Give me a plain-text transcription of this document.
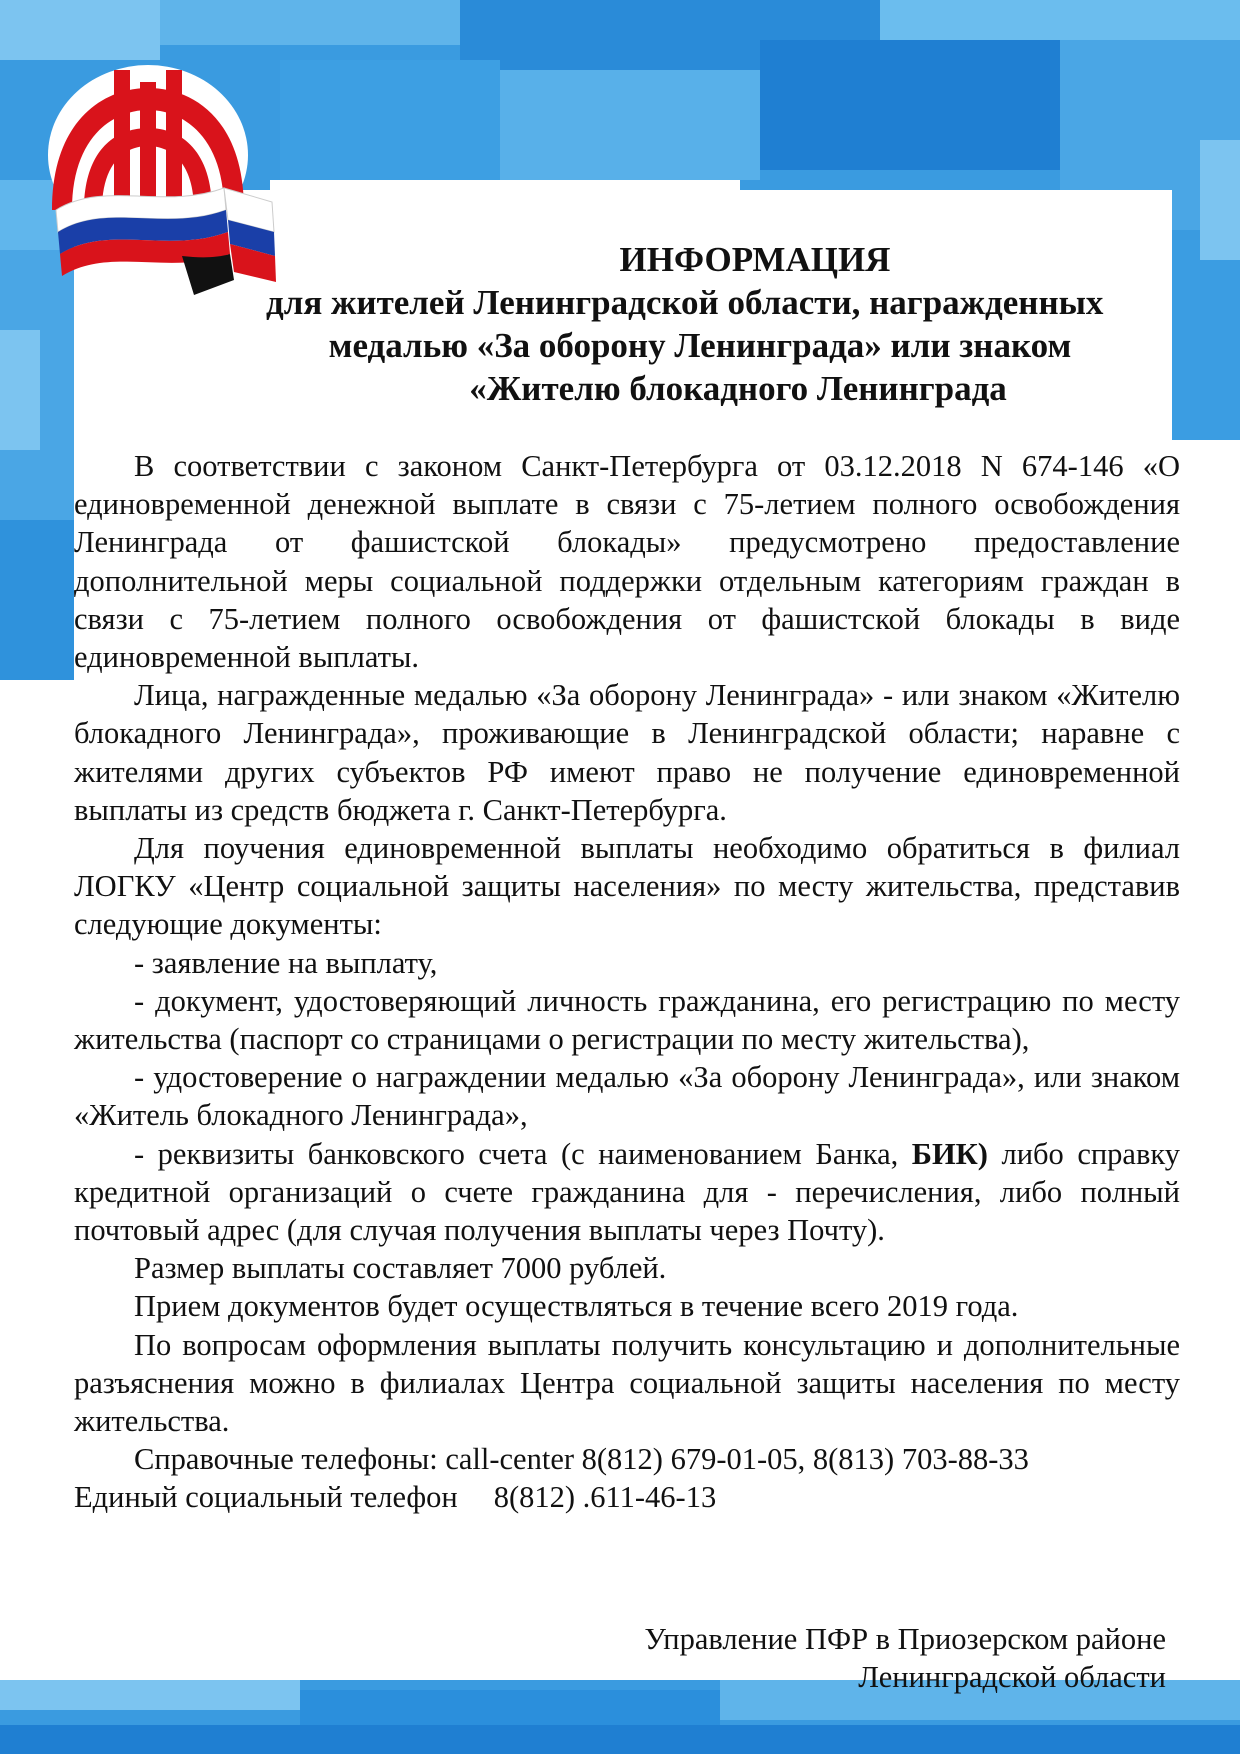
ИНФОРМАЦИЯ
для жителей Ленинградской области, награжденных
медалью «За оборону Ленинграда» или знаком
«Жителю блокадного Ленинграда

В соответствии с законом Санкт-Петербурга от 03.12.2018 N 674-146 «О единовременной денежной выплате в связи с 75-летием полного освобождения Ленинграда от фашистской блокады» предусмотрено предоставление дополнительной меры социальной поддержки отдельным категориям граждан в связи с 75-летием полного освобождения от фашистской блокады в виде единовременной выплаты.

Лица, награжденные медалью «За оборону Ленинграда» - или знаком «Жителю блокадного Ленинграда», проживающие в Ленинградской области; наравне с жителями других субъектов РФ имеют право не получение единовременной выплаты из средств бюджета г. Санкт-Петербурга.

Для поучения единовременной выплаты необходимо обратиться в филиал ЛОГКУ «Центр социальной защиты населения» по месту жительства, представив следующие документы:

- заявление на выплату,

- документ, удостоверяющий личность гражданина, его регистрацию по месту жительства (паспорт со страницами о регистрации по месту жительства),

- удостоверение о награждении медалью «За оборону Ленинграда», или знаком «Житель блокадного Ленинграда»,

- реквизиты банковского счета (с наименованием Банка, БИК) либо справку кредитной организаций о счете гражданина для - перечисления, либо полный почтовый адрес (для случая получения выплаты через Почту).

Размер выплаты составляет 7000 рублей.

Прием документов будет осуществляться в течение всего 2019 года.

По вопросам оформления выплаты получить консультацию и дополнительные разъяснения можно в филиалах Центра социальной защиты населения по месту жительства.

Справочные телефоны: call-center 8(812) 679-01-05, 8(813) 703-88-33

Единый социальный телефон 8(812) .611-46-13

Управление ПФР в Приозерском районе
Ленинградской области
